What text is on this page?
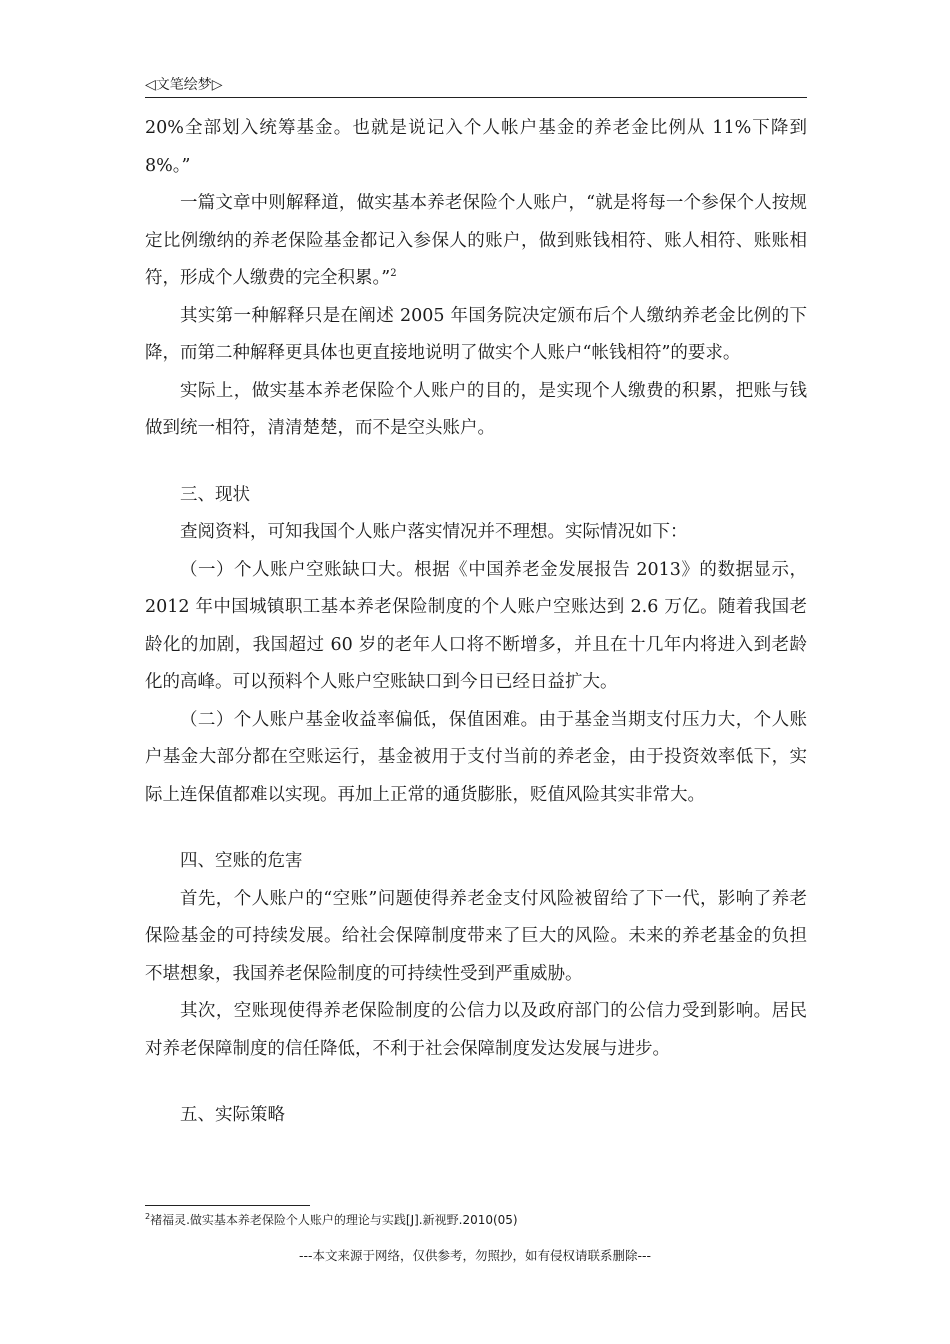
◁文笔绘梦▷

20%全部划入统筹基金。也就是说记入个人帐户基金的养老金比例从 11%下降到 8%。”

一篇文章中则解释道，做实基本养老保险个人账户，“就是将每一个参保个人按规定比例缴纳的养老保险基金都记入参保人的账户，做到账钱相符、账人相符、账账相符，形成个人缴费的完全积累。”$^2$

其实第一种解释只是在阐述 2005 年国务院决定颁布后个人缴纳养老金比例的下降，而第二种解释更具体也更直接地说明了做实个人账户“帐钱相符”的要求。

实际上，做实基本养老保险个人账户的目的，是实现个人缴费的积累，把账与钱做到统一相符，清清楚楚，而不是空头账户。

三、现状

查阅资料，可知我国个人账户落实情况并不理想。实际情况如下：

（一）个人账户空账缺口大。根据《中国养老金发展报告 2013》的数据显示，2012 年中国城镇职工基本养老保险制度的个人账户空账达到 2.6 万亿。随着我国老龄化的加剧，我国超过 60 岁的老年人口将不断增多，并且在十几年内将进入到老龄化的高峰。可以预料个人账户空账缺口到今日已经日益扩大。

（二）个人账户基金收益率偏低，保值困难。由于基金当期支付压力大，个人账户基金大部分都在空账运行，基金被用于支付当前的养老金，由于投资效率低下，实际上连保值都难以实现。再加上正常的通货膨胀，贬值风险其实非常大。

四、空账的危害

首先，个人账户的“空账”问题使得养老金支付风险被留给了下一代，影响了养老保险基金的可持续发展。给社会保障制度带来了巨大的风险。未来的养老基金的负担不堪想象，我国养老保险制度的可持续性受到严重威胁。

其次，空账现使得养老保险制度的公信力以及政府部门的公信力受到影响。居民对养老保障制度的信任降低，不利于社会保障制度发达发展与进步。

五、实际策略

$^2$褚福灵.做实基本养老保险个人账户的理论与实践[J].新视野.2010(05)
---本文来源于网络，仅供参考，勿照抄，如有侵权请联系删除---
